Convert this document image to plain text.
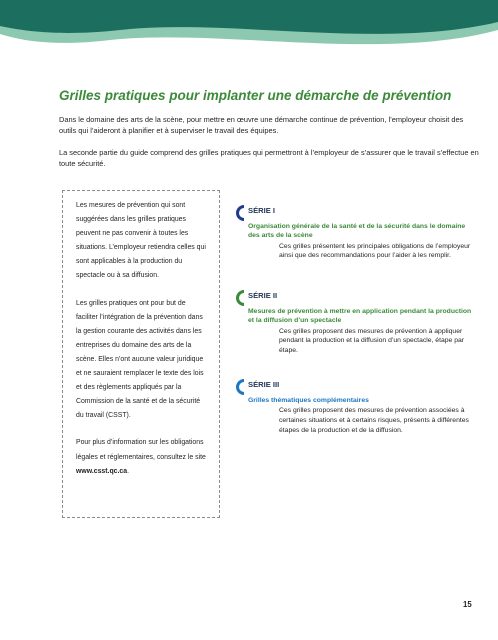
Grilles pratiques pour implanter une démarche de prévention
Dans le domaine des arts de la scène, pour mettre en œuvre une démarche continue de prévention, l’employeur choisit des outils qui l’aideront à planifier et à superviser le travail des équipes.
La seconde partie du guide comprend des grilles pratiques qui permettront à l’employeur de s’assurer que le travail s’effectue en toute sécurité.

Les mesures de prévention qui sont suggérées dans les grilles pratiques peuvent ne pas convenir à toutes les situations. L’employeur retiendra celles qui sont applicables à la production du spectacle ou à sa diffusion.

Les grilles pratiques ont pour but de faciliter l’intégration de la prévention dans la gestion courante des activités dans les entreprises du domaine des arts de la scène. Elles n’ont aucune valeur juridique et ne sauraient remplacer le texte des lois et des règlements appliqués par la Commission de la santé et de la sécurité du travail (CSST).

Pour plus d’information sur les obligations légales et réglementaires, consultez le site www.csst.qc.ca.

SÉRIE I
Organisation générale de la santé et de la sécurité dans le domaine des arts de la scène
Ces grilles présentent les principales obligations de l’employeur ainsi que des recommandations pour l’aider à les remplir.
SÉRIE II
Mesures de prévention à mettre en application pendant la production et la diffusion d’un spectacle
Ces grilles proposent des mesures de prévention à appliquer pendant la production et la diffusion d’un spectacle, étape par étape.
SÉRIE III
Grilles thématiques complémentaires
Ces grilles proposent des mesures de prévention associées à certaines situations et à certains risques, présents à différentes étapes de la production et de la diffusion.
15
